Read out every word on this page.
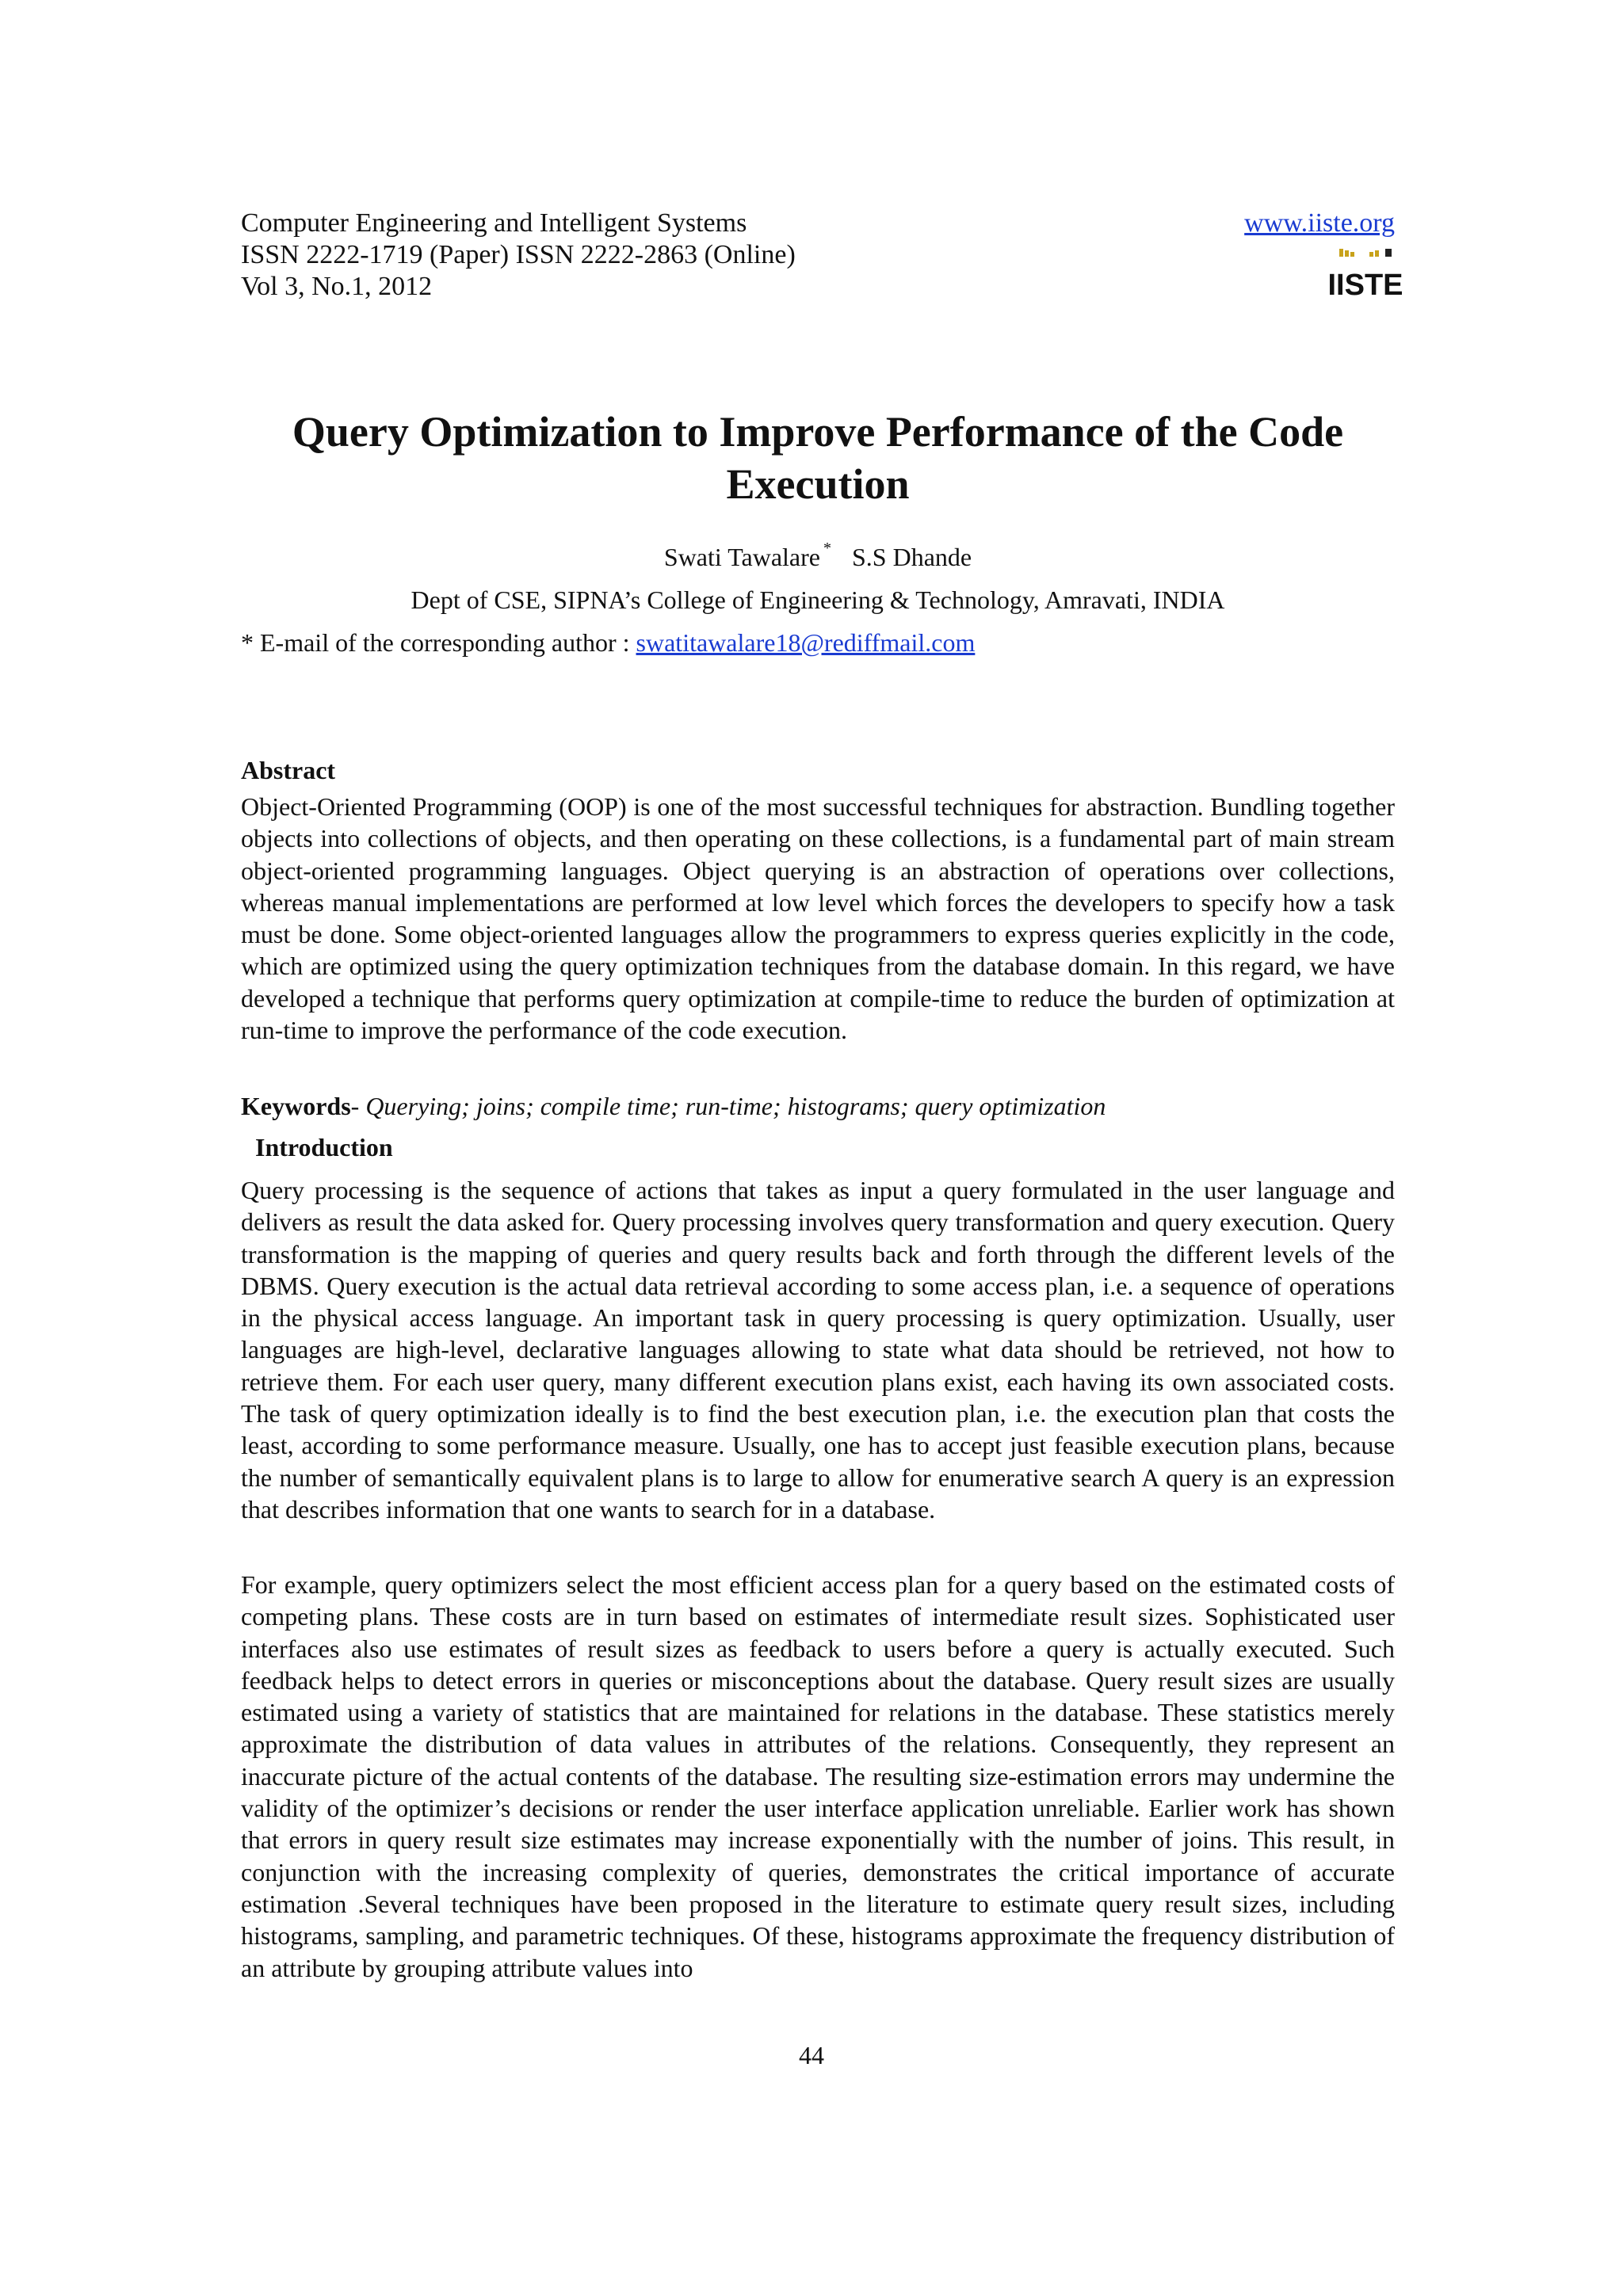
Computer Engineering and Intelligent Systems
ISSN 2222-1719 (Paper) ISSN 2222-2863 (Online)
Vol 3, No.1, 2012
www.iiste.org
IISTE
Query Optimization to Improve Performance of the Code
Execution
Swati Tawalare * S.S Dhande
Dept of CSE, SIPNA’s College of Engineering & Technology, Amravati, INDIA
* E-mail of the corresponding author : swatitawalare18@rediffmail.com
Abstract

Object-Oriented Programming (OOP) is one of the most successful techniques for abstraction. Bundling together objects into collections of objects, and then operating on these collections, is a fundamental part of main stream object-oriented programming languages. Object querying is an abstraction of operations over collections, whereas manual implementations are performed at low level which forces the developers to specify how a task must be done. Some object-oriented languages allow the programmers to express queries explicitly in the code, which are optimized using the query optimization techniques from the database domain. In this regard, we have developed a technique that performs query optimization at compile-time to reduce the burden of optimization at run-time to improve the performance of the code execution.

Keywords- Querying; joins; compile time; run-time; histograms; query optimization
Introduction

Query processing is the sequence of actions that takes as input a query formulated in the user language and delivers as result the data asked for. Query processing involves query transformation and query execution. Query transformation is the mapping of queries and query results back and forth through the different levels of the DBMS. Query execution is the actual data retrieval according to some access plan, i.e. a sequence of operations in the physical access language. An important task in query processing is query optimization. Usually, user languages are high-level, declarative languages allowing to state what data should be retrieved, not how to retrieve them. For each user query, many different execution plans exist, each having its own associated costs. The task of query optimization ideally is to find the best execution plan, i.e. the execution plan that costs the least, according to some performance measure. Usually, one has to accept just feasible execution plans, because the number of semantically equivalent plans is to large to allow for enumerative search A query is an expression that describes information that one wants to search for in a database.

For example, query optimizers select the most efficient access plan for a query based on the estimated costs of competing plans. These costs are in turn based on estimates of intermediate result sizes. Sophisticated user interfaces also use estimates of result sizes as feedback to users before a query is actually executed. Such feedback helps to detect errors in queries or misconceptions about the database. Query result sizes are usually estimated using a variety of statistics that are maintained for relations in the database. These statistics merely approximate the distribution of data values in attributes of the relations. Consequently, they represent an inaccurate picture of the actual contents of the database. The resulting size-estimation errors may undermine the validity of the optimizer’s decisions or render the user interface application unreliable. Earlier work has shown that errors in query result size estimates may increase exponentially with the number of joins. This result, in conjunction with the increasing complexity of queries, demonstrates the critical importance of accurate estimation .Several techniques have been proposed in the literature to estimate query result sizes, including histograms, sampling, and parametric techniques. Of these, histograms approximate the frequency distribution of an attribute by grouping attribute values into

44
